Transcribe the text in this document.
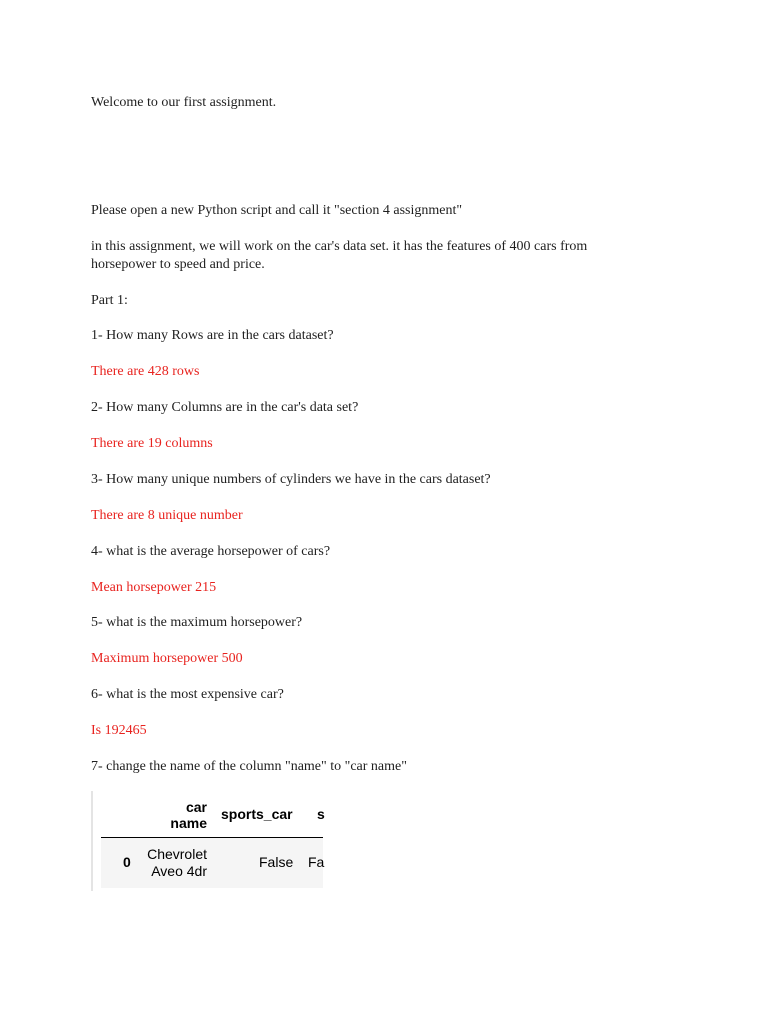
Welcome to our first assignment.

Please open a new Python script and call it "section 4 assignment"

in this assignment, we will work on the car's data set. it has the features of 400 cars from horsepower to speed and price.

Part 1:

1- How many Rows are in the cars dataset?

There are 428 rows

2- How many Columns are in the car's data set?

There are 19 columns

3- How many unique numbers of cylinders we have in the cars dataset?

There are 8 unique number

4- what is the average horsepower of cars?

Mean horsepower 215

5- what is the maximum horsepower?

Maximum horsepower 500

6- what is the most expensive car?

Is 192465

7- change the name of the column "name" to "car name"

car name
sports_car s
0	Chevrolet Aveo 4dr
False Fa
